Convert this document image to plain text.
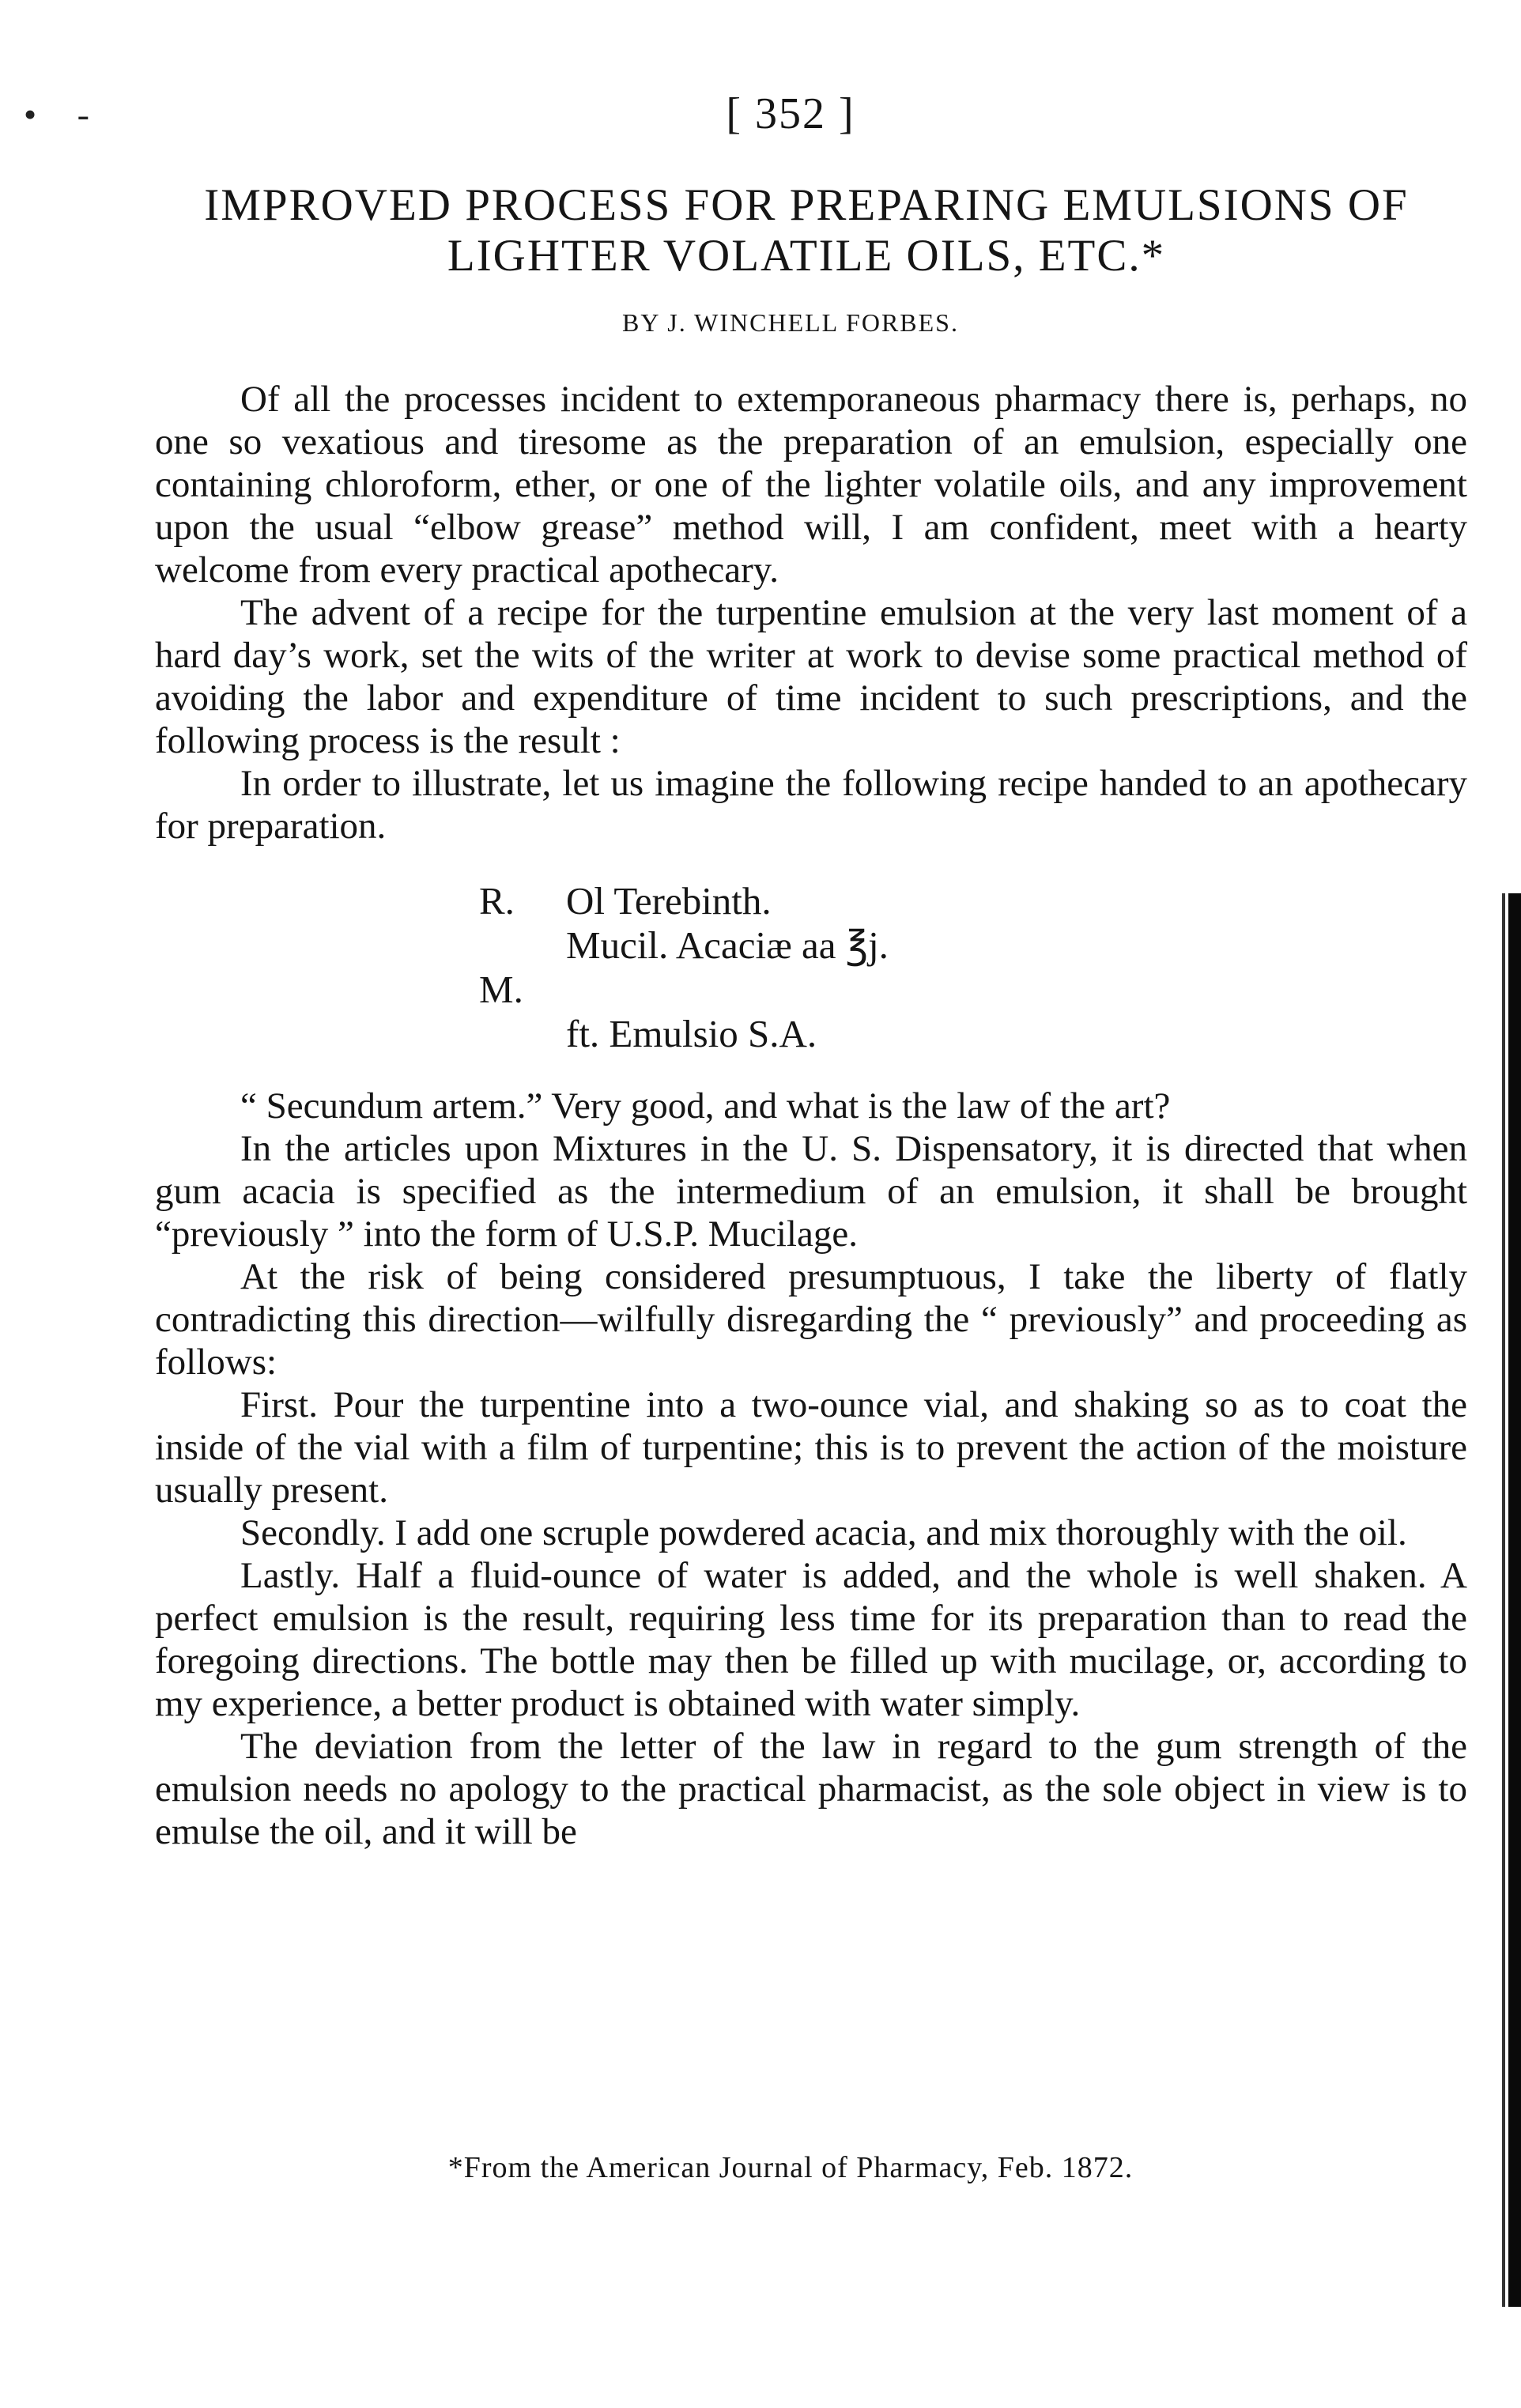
• -	[ 352 ]
IMPROVED PROCESS FOR PREPARING EMULSIONS OF
LIGHTER VOLATILE OILS, ETC.*
BY J. WINCHELL FORBES.

Of all the processes incident to extemporaneous pharmacy there is, perhaps, no one so vexatious and tiresome as the preparation of an emulsion, especially one containing chloroform, ether, or one of the lighter volatile oils, and any improvement upon the usual “elbow grease” method will, I am confident, meet with a hearty welcome from every practical apothecary.

The advent of a recipe for the turpentine emulsion at the very last moment of a hard day’s work, set the wits of the writer at work to devise some practical method of avoiding the labor and expenditure of time incident to such prescriptions, and the following process is the result :

In order to illustrate, let us imagine the following recipe handed to an apothecary for preparation.

R. Ol Terebinth.
Mucil. Acaciæ aa ℥j.
M.
ft. Emulsio S.A.

“ Secundum artem.” Very good, and what is the law of the art?

In the articles upon Mixtures in the U. S. Dispensatory, it is directed that when gum acacia is specified as the intermedium of an emulsion, it shall be brought “previously ” into the form of U.S.P. Mucilage.

At the risk of being considered presumptuous, I take the liberty of flatly contradicting this direction—wilfully disregarding the “ previously” and proceeding as follows:

First. Pour the turpentine into a two-ounce vial, and shaking so as to coat the inside of the vial with a film of turpentine; this is to prevent the action of the moisture usually present.

Secondly. I add one scruple powdered acacia, and mix thoroughly with the oil.

Lastly. Half a fluid-ounce of water is added, and the whole is well shaken. A perfect emulsion is the result, requiring less time for its preparation than to read the foregoing directions. The bottle may then be filled up with mucilage, or, according to my experience, a better product is obtained with water simply.

The deviation from the letter of the law in regard to the gum strength of the emulsion needs no apology to the practical pharmacist, as the sole object in view is to emulse the oil, and it will be

*From the American Journal of Pharmacy, Feb. 1872.
